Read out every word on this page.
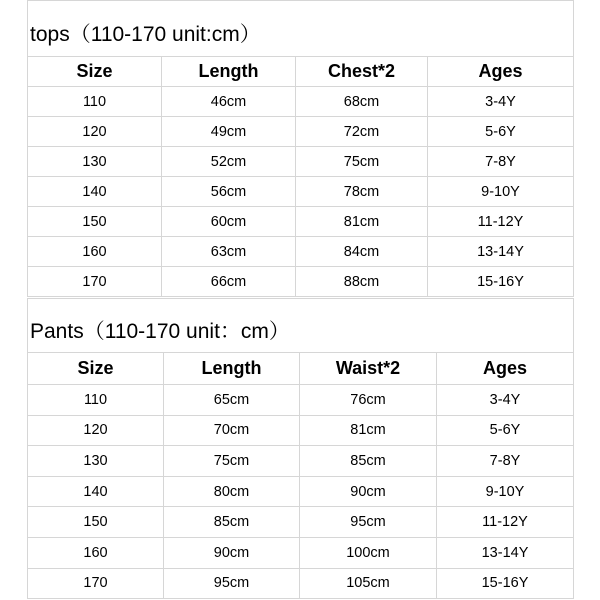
tops（110-170 unit:cm）
Size	Length	Chest*2	Ages
110	46cm	68cm	3-4Y
120	49cm	72cm	5-6Y
130	52cm	75cm	7-8Y
140	56cm	78cm	9-10Y
150	60cm	81cm	11-12Y
160	63cm	84cm	13-14Y
170	66cm	88cm	15-16Y
Pants（110-170 unit：cm）
Size	Length	Waist*2	Ages
110	65cm	76cm	3-4Y
120	70cm	81cm	5-6Y
130	75cm	85cm	7-8Y
140	80cm	90cm	9-10Y
150	85cm	95cm	11-12Y
160	90cm	100cm	13-14Y
170	95cm	105cm	15-16Y
